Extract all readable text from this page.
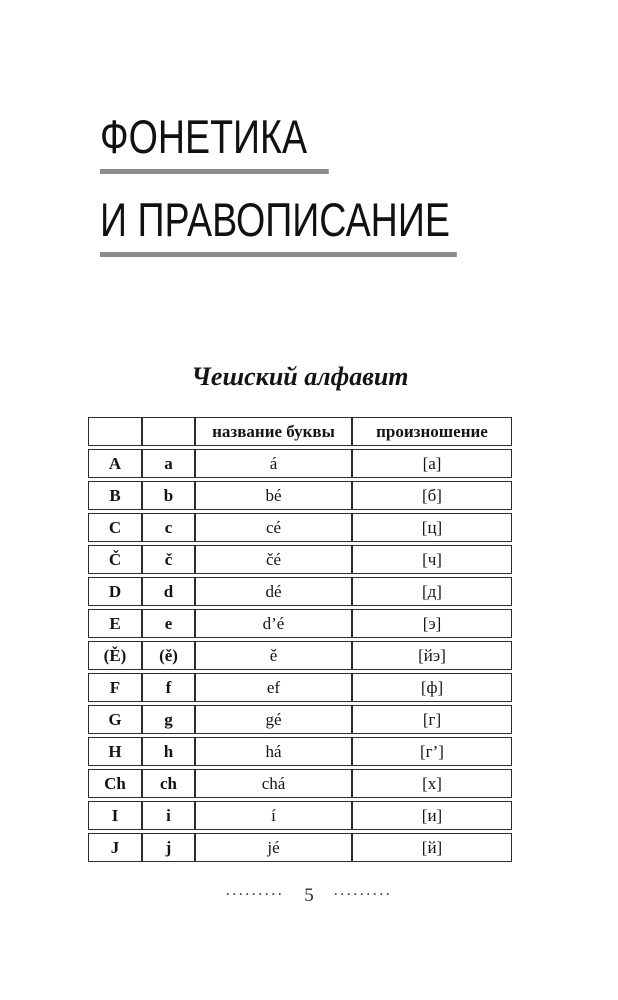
ФОНЕТИКА
И ПРАВОПИСАНИЕ
Чешский алфавит
		название буквы	произношение
A	a	á	[а]
B	b	bé	[б]
C	c	cé	[ц]
Č	č	čé	[ч]
D	d	dé	[д]
E	e	d’é	[э]
(Ě)	(ě)	ě	[йэ]
F	f	ef	[ф]
G	g	gé	[г]
H	h	há	[г’]
Ch	ch	chá	[х]
I	i	í	[и]
J	j	jé	[й]
········· 5 ·········
